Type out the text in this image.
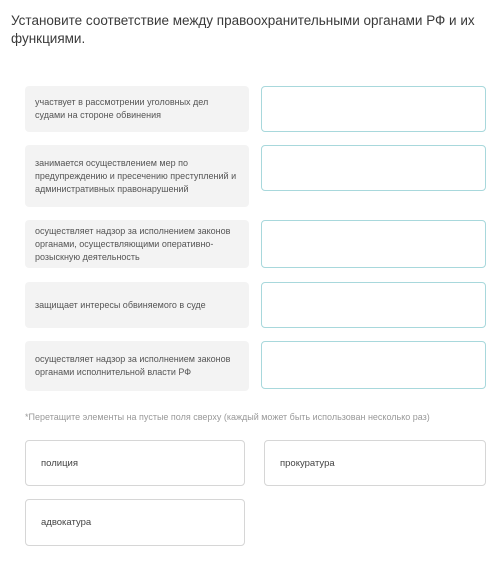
Установите соответствие между правоохранительными органами РФ и их функциями.
участвует в рассмотрении уголовных дел судами на стороне обвинения
занимается осуществлением мер по предупреждению и пресечению преступлений и административных правонарушений
осуществляет надзор за исполнением законов органами, осуществляющими оперативно-розыскную деятельность
защищает интересы обвиняемого в суде
осуществляет надзор за исполнением законов органами исполнительной власти РФ
*Перетащите элементы на пустые поля сверху (каждый может быть использован несколько раз)
полиция	прокуратура
адвокатура
